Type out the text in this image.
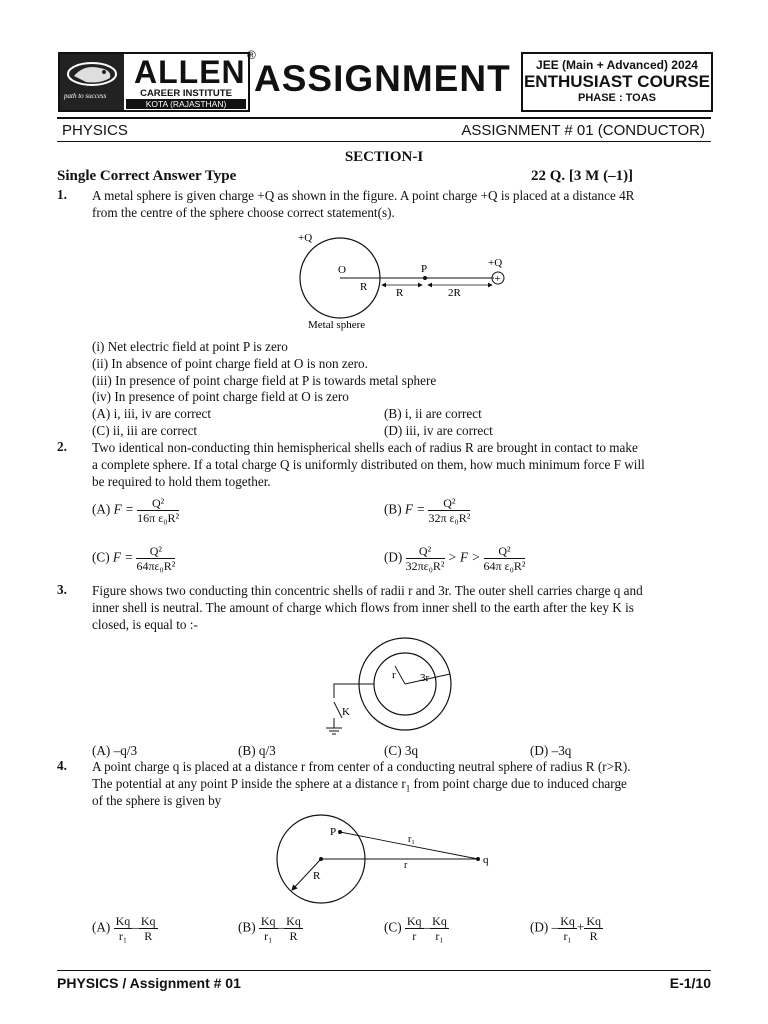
path to success
ALLEN
CAREER INSTITUTE
KOTA (RAJASTHAN)
®
ASSIGNMENT	JEE (Main + Advanced) 2024
ENTHUSIAST COURSE
PHASE : TOAS
PHYSICS	ASSIGNMENT # 01 (CONDUCTOR)
SECTION-I
Single Correct Answer Type	22 Q. [3 M (–1)]
1. A metal sphere is given charge +Q as shown in the figure. A point charge +Q is placed at a distance 4R
from the centre of the sphere choose correct statement(s).
+
+Q
O	P	+Q
R	R	2R
Metal sphere
(i) Net electric field at point P is zero
(ii) In absence of point charge field at O is non zero.
(iii) In presence of point charge field at P is towards metal sphere
(iv) In presence of point charge field at O is zero
(A) i, iii, iv are correct	(B) i, ii are correct
(C) ii, iii are correct	(D) iii, iv are correct
2. Two identical non-conducting thin hemispherical shells each of radius R are brought in contact to make
a complete sphere. If a total charge Q is uniformly distributed on them, how much minimum force F will
be required to hold them together.
(A) $F = \frac{\text{Q²}}{\text{16π ε₀R²}}$	(B) $F = \frac{\text{Q²}}{\text{32π ε₀R²}}$
(C) $F = \frac{\text{Q²}}{\text{64πε₀R²}}$	$(D) \frac{\text{Q²}}{\text{32πε₀R²}} > F > \frac{\text{Q²}}{\text{64π ε₀R²}}$
3. Figure shows two conducting thin concentric shells of radii r and 3r. The outer shell carries charge q and
inner shell is neutral. The amount of charge which flows from inner shell to the earth after the key K is
closed, is equal to :-
r 3r
K
(A) –q/3	(B) q/3	(C) 3q	(D) –3q
4. A point charge q is placed at a distance r from center of a conducting neutral sphere of radius R (r>R).
The potential at any point P inside the sphere at a distance $r_1$ from point charge due to induced charge
of the sphere is given by
P
r₁
r	q
R
$(A) \frac{Kq}{\text{r₁}} - \frac{Kq}{R}$	$(B) \frac{Kq}{\text{r₁}} - \frac{Kq}{R}$	$(C) \frac{Kq}{r} - \frac{Kq}{\text{r₁}}$	$(D) - \frac{Kq}{\text{r₁}} + \frac{Kq}{R}$
PHYSICS / Assignment # 01	E-1/10
